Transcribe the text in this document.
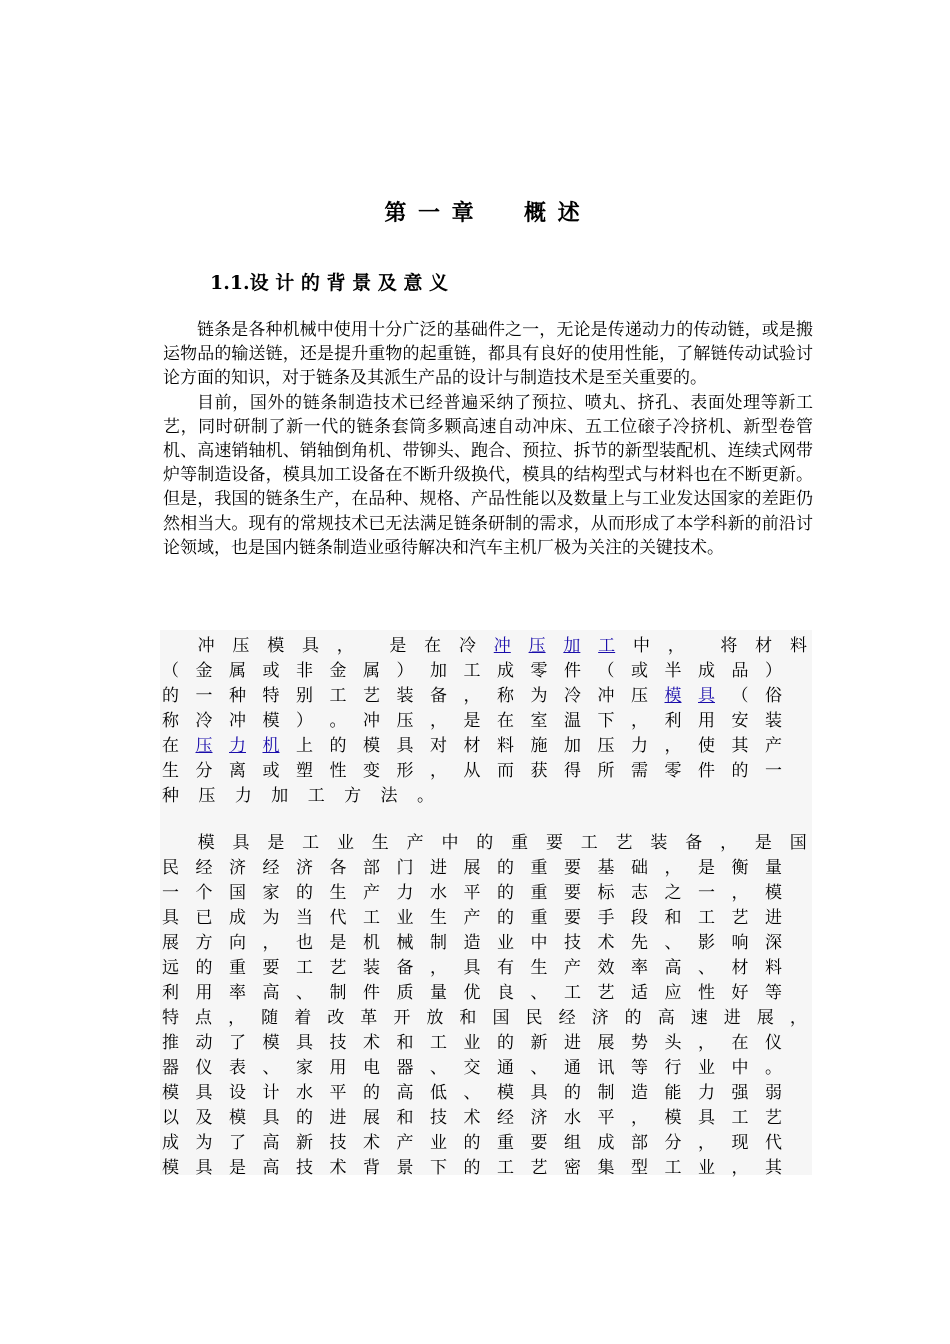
第 一 章     概 述
1.1.设 计 的 背 景 及 意 义

链条是各种机械中使用十分广泛的基础件之一，无论是传递动力的传动链，或是搬运物品的输送链，还是提升重物的起重链，都具有良好的使用性能，了解链传动试验讨论方面的知识，对于链条及其派生产品的设计与制造技术是至关重要的。

目前，国外的链条制造技术已经普遍采纳了预拉、喷丸、挤孔、表面处理等新工艺，同时研制了新一代的链条套筒多颗高速自动冲床、五工位磙子冷挤机、新型卷管机、高速销轴机、销轴倒角机、带铆头、跑合、预拉、拆节的新型装配机、连续式网带炉等制造设备，模具加工设备在不断升级换代，模具的结构型式与材料也在不断更新。但是，我国的链条生产，在品种、规格、产品性能以及数量上与工业发达国家的差距仍然相当大。现有的常规技术已无法满足链条研制的需求，从而形成了本学科新的前沿讨论领域，也是国内链条制造业亟待解决和汽车主机厂极为关注的关键技术。

冲 压 模 具 ， 是 在 冷 冲 压 加 工 中 ， 将 材 料
（ 金 属 或 非 金 属 ） 加 工 成 零 件 （ 或 半 成 品 ）
的 一 种 特 别 工 艺 装 备 ， 称 为 冷 冲 压 模 具 （ 俗
称 冷 冲 模 ） 。 冲 压 ， 是 在 室 温 下 ， 利 用 安 装
在 压 力 机 上 的 模 具 对 材 料 施 加 压 力 ， 使 其 产
生 分 离 或 塑 性 变 形 ， 从 而 获 得 所 需 零 件 的 一
种 压 力 加 工 方 法 。
模 具 是 工 业 生 产 中 的 重 要 工 艺 装 备 ， 是 国
民 经 济 经 济 各 部 门 进 展 的 重 要 基 础 ， 是 衡 量
一 个 国 家 的 生 产 力 水 平 的 重 要 标 志 之 一 ， 模
具 已 成 为 当 代 工 业 生 产 的 重 要 手 段 和 工 艺 进
展 方 向 ， 也 是 机 械 制 造 业 中 技 术 先 、 影 响 深
远 的 重 要 工 艺 装 备 ， 具 有 生 产 效 率 高 、 材 料
利 用 率 高 、 制 件 质 量 优 良 、 工 艺 适 应 性 好 等
特 点 ， 随 着 改 革 开 放 和 国 民 经 济 的 高 速 进 展 ，
推 动 了 模 具 技 术 和 工 业 的 新 进 展 势 头 ， 在 仪
器 仪 表 、 家 用 电 器 、 交 通 、 通 讯 等 行 业 中 。
模 具 设 计 水 平 的 高 低 、 模 具 的 制 造 能 力 强 弱
以 及 模 具 的 进 展 和 技 术 经 济 水 平 ， 模 具 工 艺
成 为 了 高 新 技 术 产 业 的 重 要 组 成 部 分 ， 现 代
模 具 是 高 技 术 背 景 下 的 工 艺 密 集 型 工 业 ， 其
